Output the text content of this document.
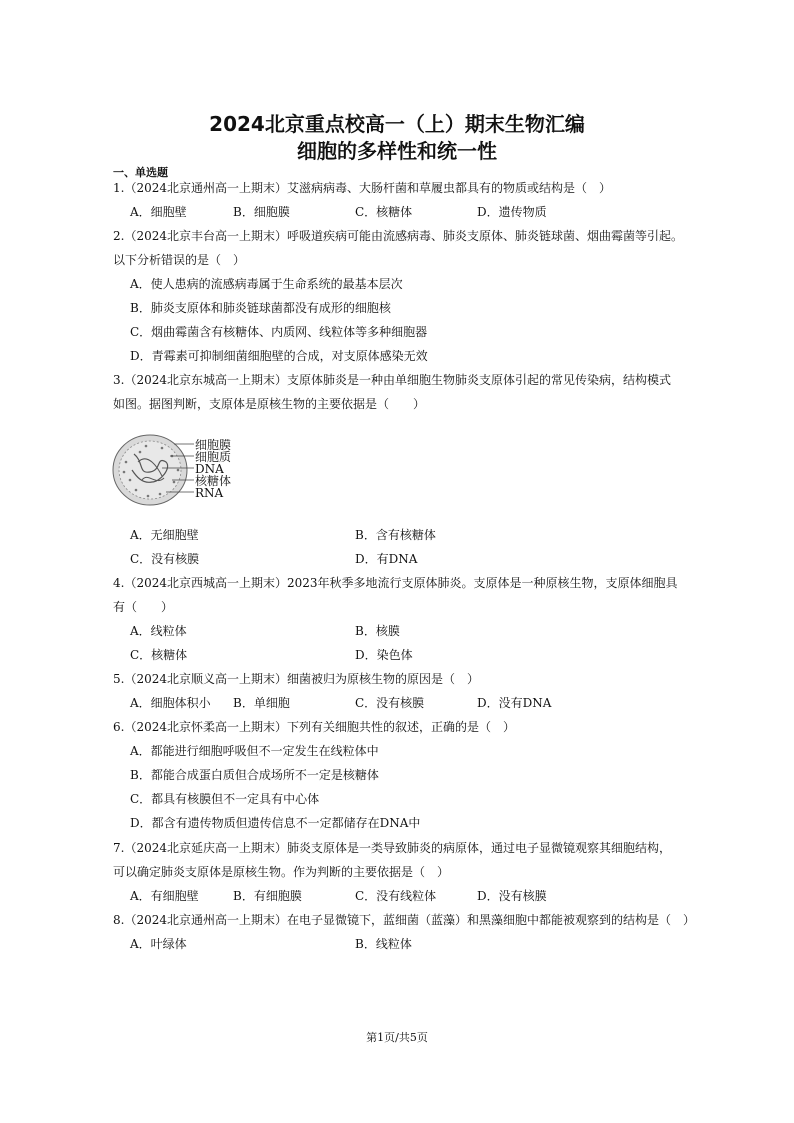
2024北京重点校高一（上）期末生物汇编
细胞的多样性和统一性
一、单选题
1.（2024北京通州高一上期末）艾滋病病毒、大肠杆菌和草履虫都具有的物质或结构是（　）
A．细胞壁	B．细胞膜	C．核糖体	D．遗传物质
2.（2024北京丰台高一上期末）呼吸道疾病可能由流感病毒、肺炎支原体、肺炎链球菌、烟曲霉菌等引起。
以下分析错误的是（　）
A．使人患病的流感病毒属于生命系统的最基本层次
B．肺炎支原体和肺炎链球菌都没有成形的细胞核
C．烟曲霉菌含有核糖体、内质网、线粒体等多种细胞器
D．青霉素可抑制细菌细胞壁的合成，对支原体感染无效
3.（2024北京东城高一上期末）支原体肺炎是一种由单细胞生物肺炎支原体引起的常见传染病，结构模式
如图。据图判断，支原体是原核生物的主要依据是（　　）
细胞膜
细胞质
DNA
核糖体
RNA
A．无细胞壁	B．含有核糖体
C．没有核膜	D．有DNA
4.（2024北京西城高一上期末）2023年秋季多地流行支原体肺炎。支原体是一种原核生物，支原体细胞具
有（　　）
A．线粒体	B．核膜
C．核糖体	D．染色体
5.（2024北京顺义高一上期末）细菌被归为原核生物的原因是（　）
A．细胞体积小 B．单细胞	C．没有核膜	D．没有DNA
6.（2024北京怀柔高一上期末）下列有关细胞共性的叙述，正确的是（　）
A．都能进行细胞呼吸但不一定发生在线粒体中
B．都能合成蛋白质但合成场所不一定是核糖体
C．都具有核膜但不一定具有中心体
D．都含有遗传物质但遗传信息不一定都储存在DNA中
7.（2024北京延庆高一上期末）肺炎支原体是一类导致肺炎的病原体，通过电子显微镜观察其细胞结构，
可以确定肺炎支原体是原核生物。作为判断的主要依据是（　）
A．有细胞壁	B．有细胞膜	C．没有线粒体	D．没有核膜
8.（2024北京通州高一上期末）在电子显微镜下，蓝细菌（蓝藻）和黑藻细胞中都能被观察到的结构是（　）
A．叶绿体	B．线粒体
第1页/共5页
